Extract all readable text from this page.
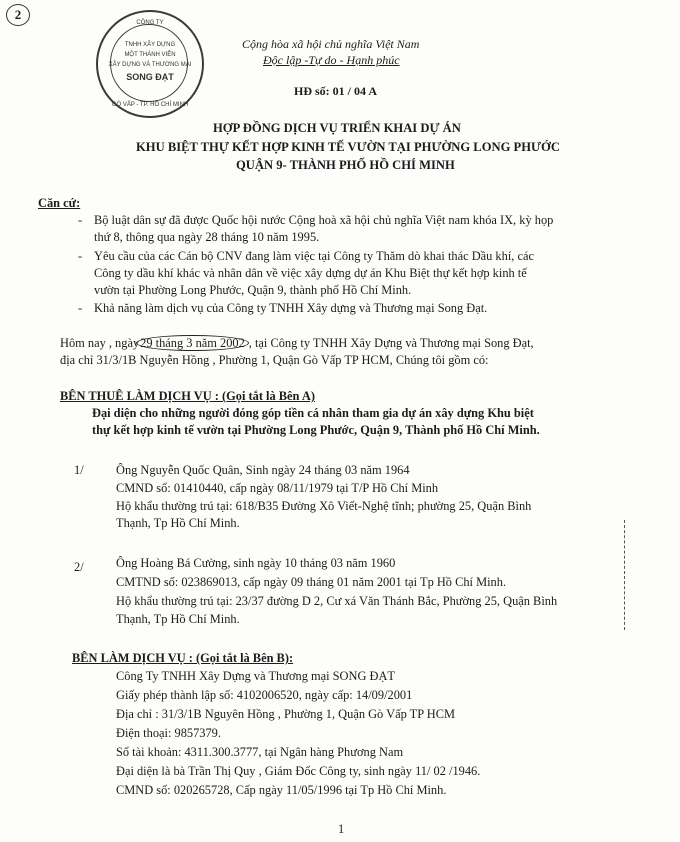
2
CÔNG TY
TNHH XÂY DỰNG
MỘT THÀNH VIÊN
XÂY DỰNG VÀ THƯƠNG MẠI
SONG ĐẠT
GÒ VẤP - TP. HỒ CHÍ MINH
Cộng hòa xã hội chủ nghĩa Việt Nam
Độc lập -Tự do - Hạnh phúc
HĐ số: 01 / 04 A
HỢP ĐỒNG DỊCH VỤ TRIỂN KHAI DỰ ÁN
KHU BIỆT THỰ KẾT HỢP KINH TẾ VƯỜN TẠI PHƯỜNG LONG PHƯỚC
QUẬN 9- THÀNH PHỐ HỒ CHÍ MINH
Căn cứ:
- Bộ luật dân sự đã được Quốc hội nước Cộng hoà xã hội chủ nghĩa Việt nam khóa IX, kỳ họp
thứ 8, thông qua ngày 28 tháng 10 năm 1995.
- Yêu cầu của các Cán bộ CNV đang làm việc tại Công ty Thăm dò khai thác Dầu khí, các
Công ty dầu khí khác và nhân dân về việc xây dựng dự án Khu Biệt thự kết hợp kinh tế
vườn tại Phường Long Phước, Quận 9, thành phố Hồ Chí Minh.
- Khả năng làm dịch vụ của Công ty TNHH Xây dựng và Thương mại Song Đạt.
Hôm nay , ngày29 tháng 3 năm 2002 , tại Công ty TNHH Xây Dựng và Thương mại Song Đạt,
địa chỉ 31/3/1B Nguyễn Hồng , Phường 1, Quận Gò Vấp TP HCM, Chúng tôi gồm có:
BÊN THUÊ LÀM DỊCH VỤ : (Gọi tắt là Bên A)
Đại diện cho những người đóng góp tiền cá nhân tham gia dự án xây dựng Khu biệt
thự kết hợp kinh tế vườn tại Phường Long Phước, Quận 9, Thành phố Hồ Chí Minh.
1/	Ông Nguyễn Quốc Quân, Sinh ngày 24 tháng 03 năm 1964
CMND số: 01410440, cấp ngày 08/11/1979 tại T/P Hồ Chí Minh
Hộ khẩu thường trú tại: 618/B35 Đường Xô Viết-Nghệ tĩnh; phường 25, Quận Bình
Thạnh, Tp Hồ Chí Minh.
2/	Ông Hoàng Bá Cường, sinh ngày 10 tháng 03 năm 1960
CMTND số: 023869013, cấp ngày 09 tháng 01 năm 2001 tại Tp Hồ Chí Minh.
Hộ khẩu thường trú tại: 23/37 đường D 2, Cư xá Văn Thánh Bắc, Phường 25, Quận Bình
Thạnh, Tp Hồ Chí Minh.
BÊN LÀM DỊCH VỤ : (Gọi tắt là Bên B):
Công Ty TNHH Xây Dựng và Thương mại SONG ĐẠT
Giấy phép thành lập số: 4102006520, ngày cấp: 14/09/2001
Địa chỉ : 31/3/1B Nguyên Hồng , Phường 1, Quận Gò Vấp TP HCM
Điện thoại: 9857379.
Số tài khoản: 4311.300.3777, tại Ngân hàng Phương Nam
Đại diện là bà Trần Thị Quy , Giám Đốc Công ty, sinh ngày 11/ 02 /1946.
CMND số: 020265728, Cấp ngày 11/05/1996 tại Tp Hồ Chí Minh.
1
